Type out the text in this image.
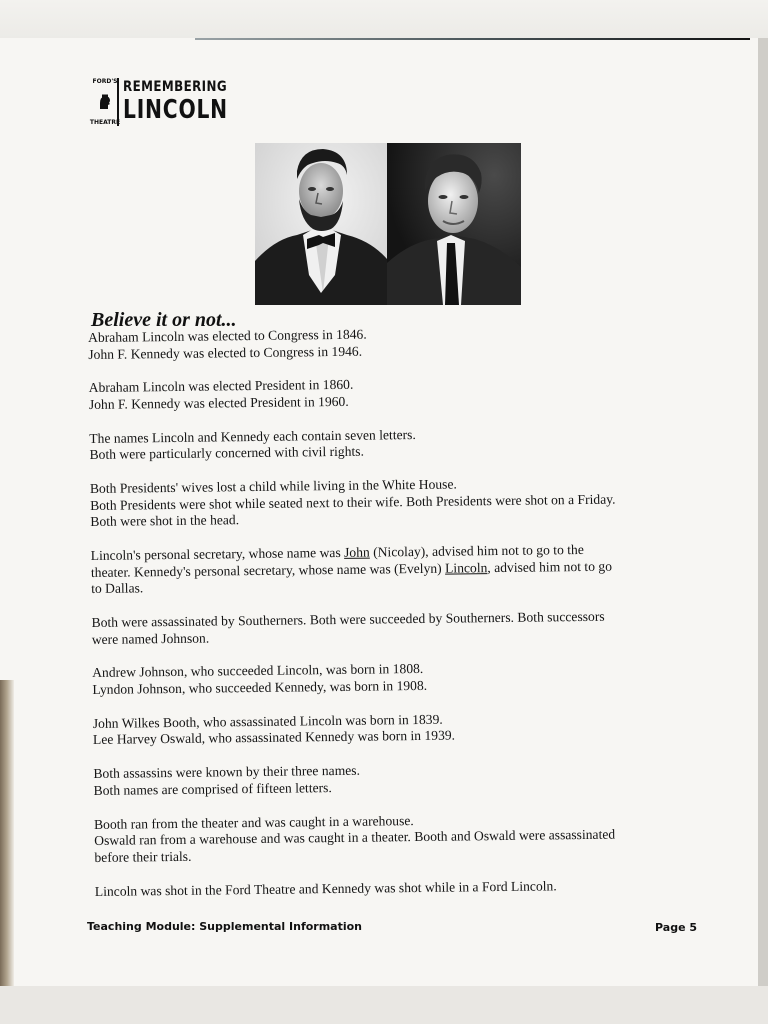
FORD'S
THEATRE
REMEMBERING
LINCOLN
Believe it or not...

Abraham Lincoln was elected to Congress in 1846.
John F. Kennedy was elected to Congress in 1946.

Abraham Lincoln was elected President in 1860.
John F. Kennedy was elected President in 1960.

The names Lincoln and Kennedy each contain seven letters.
Both were particularly concerned with civil rights.

Both Presidents' wives lost a child while living in the White House.
Both Presidents were shot while seated next to their wife. Both Presidents were shot on a Friday.
Both were shot in the head.

Lincoln's personal secretary, whose name was John (Nicolay), advised him not to go to the
theater. Kennedy's personal secretary, whose name was (Evelyn) Lincoln, advised him not to go
to Dallas.

Both were assassinated by Southerners. Both were succeeded by Southerners. Both successors
were named Johnson.

Andrew Johnson, who succeeded Lincoln, was born in 1808.
Lyndon Johnson, who succeeded Kennedy, was born in 1908.

John Wilkes Booth, who assassinated Lincoln was born in 1839.
Lee Harvey Oswald, who assassinated Kennedy was born in 1939.

Both assassins were known by their three names.
Both names are comprised of fifteen letters.

Booth ran from the theater and was caught in a warehouse.
Oswald ran from a warehouse and was caught in a theater. Booth and Oswald were assassinated
before their trials.

Lincoln was shot in the Ford Theatre and Kennedy was shot while in a Ford Lincoln.

Teaching Module: Supplemental Information	Page 5
